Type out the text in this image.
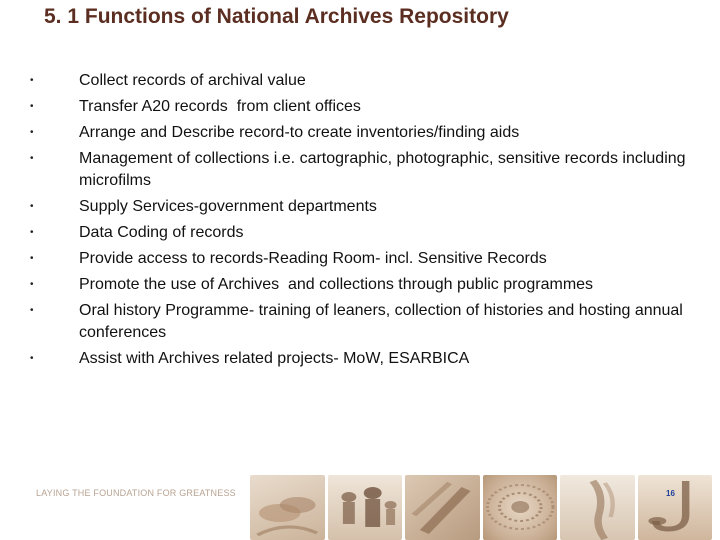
5. 1 Functions of National Archives Repository
•	Collect records of archival value
•	Transfer A20 records  from client offices
•	Arrange and Describe record-to create inventories/finding aids
•	Management of collections i.e. cartographic, photographic, sensitive records including microfilms
•	Supply Services-government departments
•	Data Coding of records
•	Provide access to records-Reading Room- incl. Sensitive Records
•	Promote the use of Archives  and collections through public programmes
•	Oral history Programme- training of leaners, collection of histories and hosting annual conferences
•	Assist with Archives related projects- MoW, ESARBICA
LAYING THE FOUNDATION FOR GREATNESS	16
